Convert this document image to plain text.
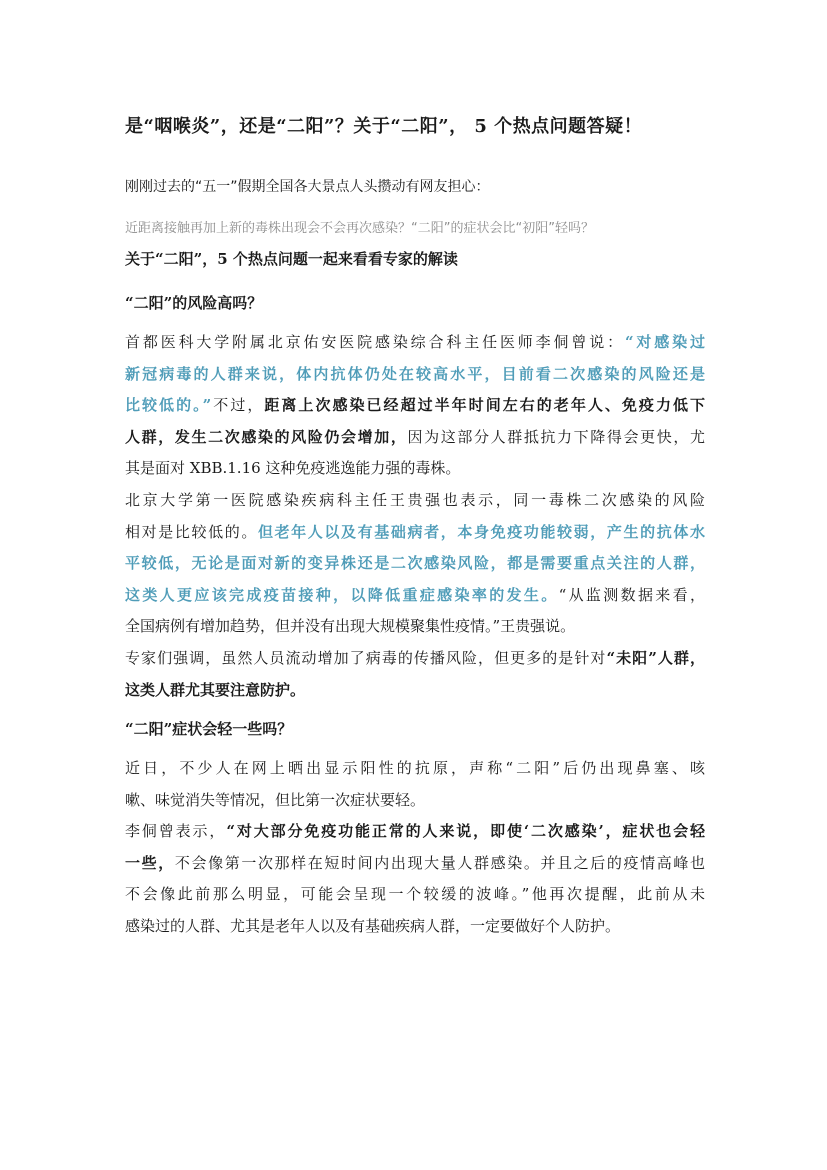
是“咽喉炎”，还是“二阳”？关于“二阳”， 5 个热点问题答疑！
刚刚过去的“五一”假期全国各大景点人头攒动有网友担心：
近距离接触再加上新的毒株出现会不会再次感染？“二阳”的症状会比“初阳”轻吗？
关于“二阳”，5 个热点问题一起来看看专家的解读
“二阳”的风险高吗？
首都医科大学附属北京佑安医院感染综合科主任医师李侗曾说：“对感染过
新冠病毒的人群来说，体内抗体仍处在较高水平，目前看二次感染的风险还是
比较低的。”不过，距离上次感染已经超过半年时间左右的老年人、免疫力低下
人群，发生二次感染的风险仍会增加，因为这部分人群抵抗力下降得会更快，尤
其是面对 XBB.1.16 这种免疫逃逸能力强的毒株。
北京大学第一医院感染疾病科主任王贵强也表示，同一毒株二次感染的风险
相对是比较低的。但老年人以及有基础病者，本身免疫功能较弱，产生的抗体水
平较低，无论是面对新的变异株还是二次感染风险，都是需要重点关注的人群，
这类人更应该完成疫苗接种，以降低重症感染率的发生。“从监测数据来看，
全国病例有增加趋势，但并没有出现大规模聚集性疫情。”王贵强说。
专家们强调，虽然人员流动增加了病毒的传播风险，但更多的是针对“未阳”人群，
这类人群尤其要注意防护。
“二阳”症状会轻一些吗？
近日，不少人在网上晒出显示阳性的抗原，声称“二阳”后仍出现鼻塞、咳
嗽、味觉消失等情况，但比第一次症状要轻。
李侗曾表示，“对大部分免疫功能正常的人来说，即使‘二次感染’，症状也会轻
一些，不会像第一次那样在短时间内出现大量人群感染。并且之后的疫情高峰也
不会像此前那么明显，可能会呈现一个较缓的波峰。”他再次提醒，此前从未
感染过的人群、尤其是老年人以及有基础疾病人群，一定要做好个人防护。
